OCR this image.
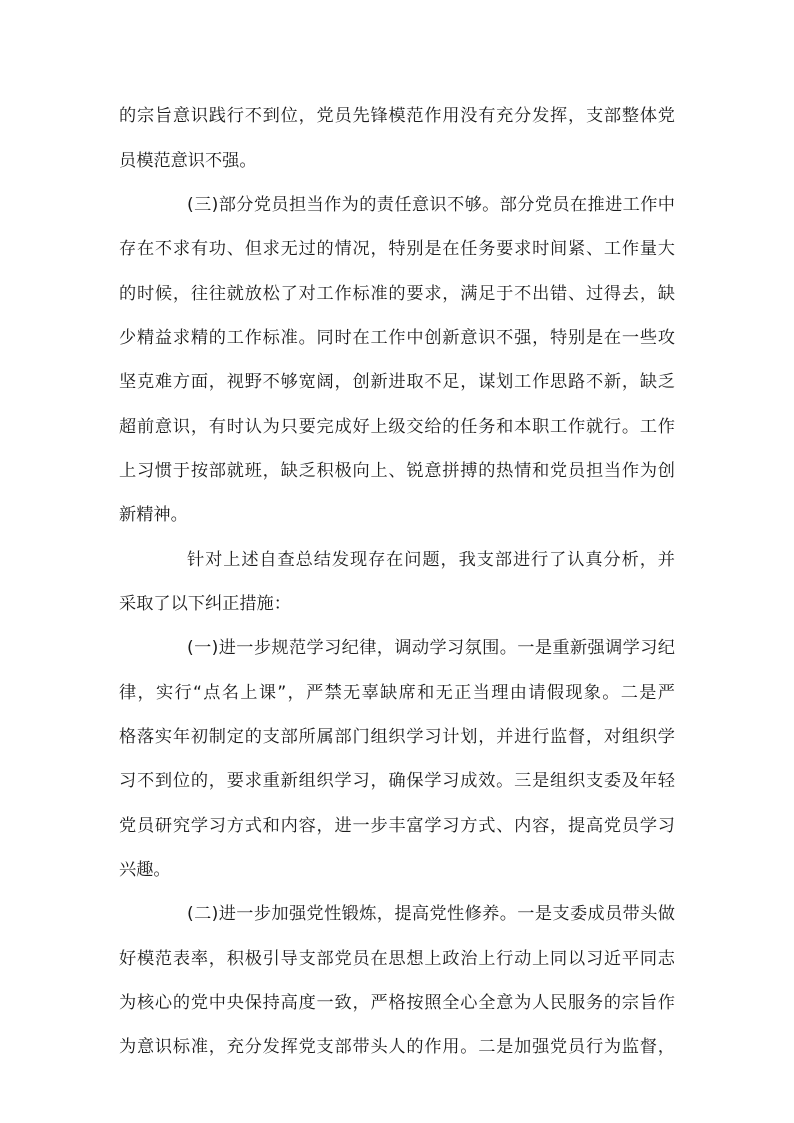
的宗旨意识践行不到位，党员先锋模范作用没有充分发挥，支部整体党
员模范意识不强。
(三)部分党员担当作为的责任意识不够。部分党员在推进工作中
存在不求有功、但求无过的情况，特别是在任务要求时间紧、工作量大
的时候，往往就放松了对工作标准的要求，满足于不出错、过得去，缺
少精益求精的工作标准。同时在工作中创新意识不强，特别是在一些攻
坚克难方面，视野不够宽阔，创新进取不足，谋划工作思路不新，缺乏
超前意识，有时认为只要完成好上级交给的任务和本职工作就行。工作
上习惯于按部就班，缺乏积极向上、锐意拼搏的热情和党员担当作为创
新精神。
针对上述自查总结发现存在问题，我支部进行了认真分析，并
采取了以下纠正措施：
(一)进一步规范学习纪律，调动学习氛围。一是重新强调学习纪
律，实行“点名上课”，严禁无辜缺席和无正当理由请假现象。二是严
格落实年初制定的支部所属部门组织学习计划，并进行监督，对组织学
习不到位的，要求重新组织学习，确保学习成效。三是组织支委及年轻
党员研究学习方式和内容，进一步丰富学习方式、内容，提高党员学习
兴趣。
(二)进一步加强党性锻炼，提高党性修养。一是支委成员带头做
好模范表率，积极引导支部党员在思想上政治上行动上同以习近平同志
为核心的党中央保持高度一致，严格按照全心全意为人民服务的宗旨作
为意识标准，充分发挥党支部带头人的作用。二是加强党员行为监督，
